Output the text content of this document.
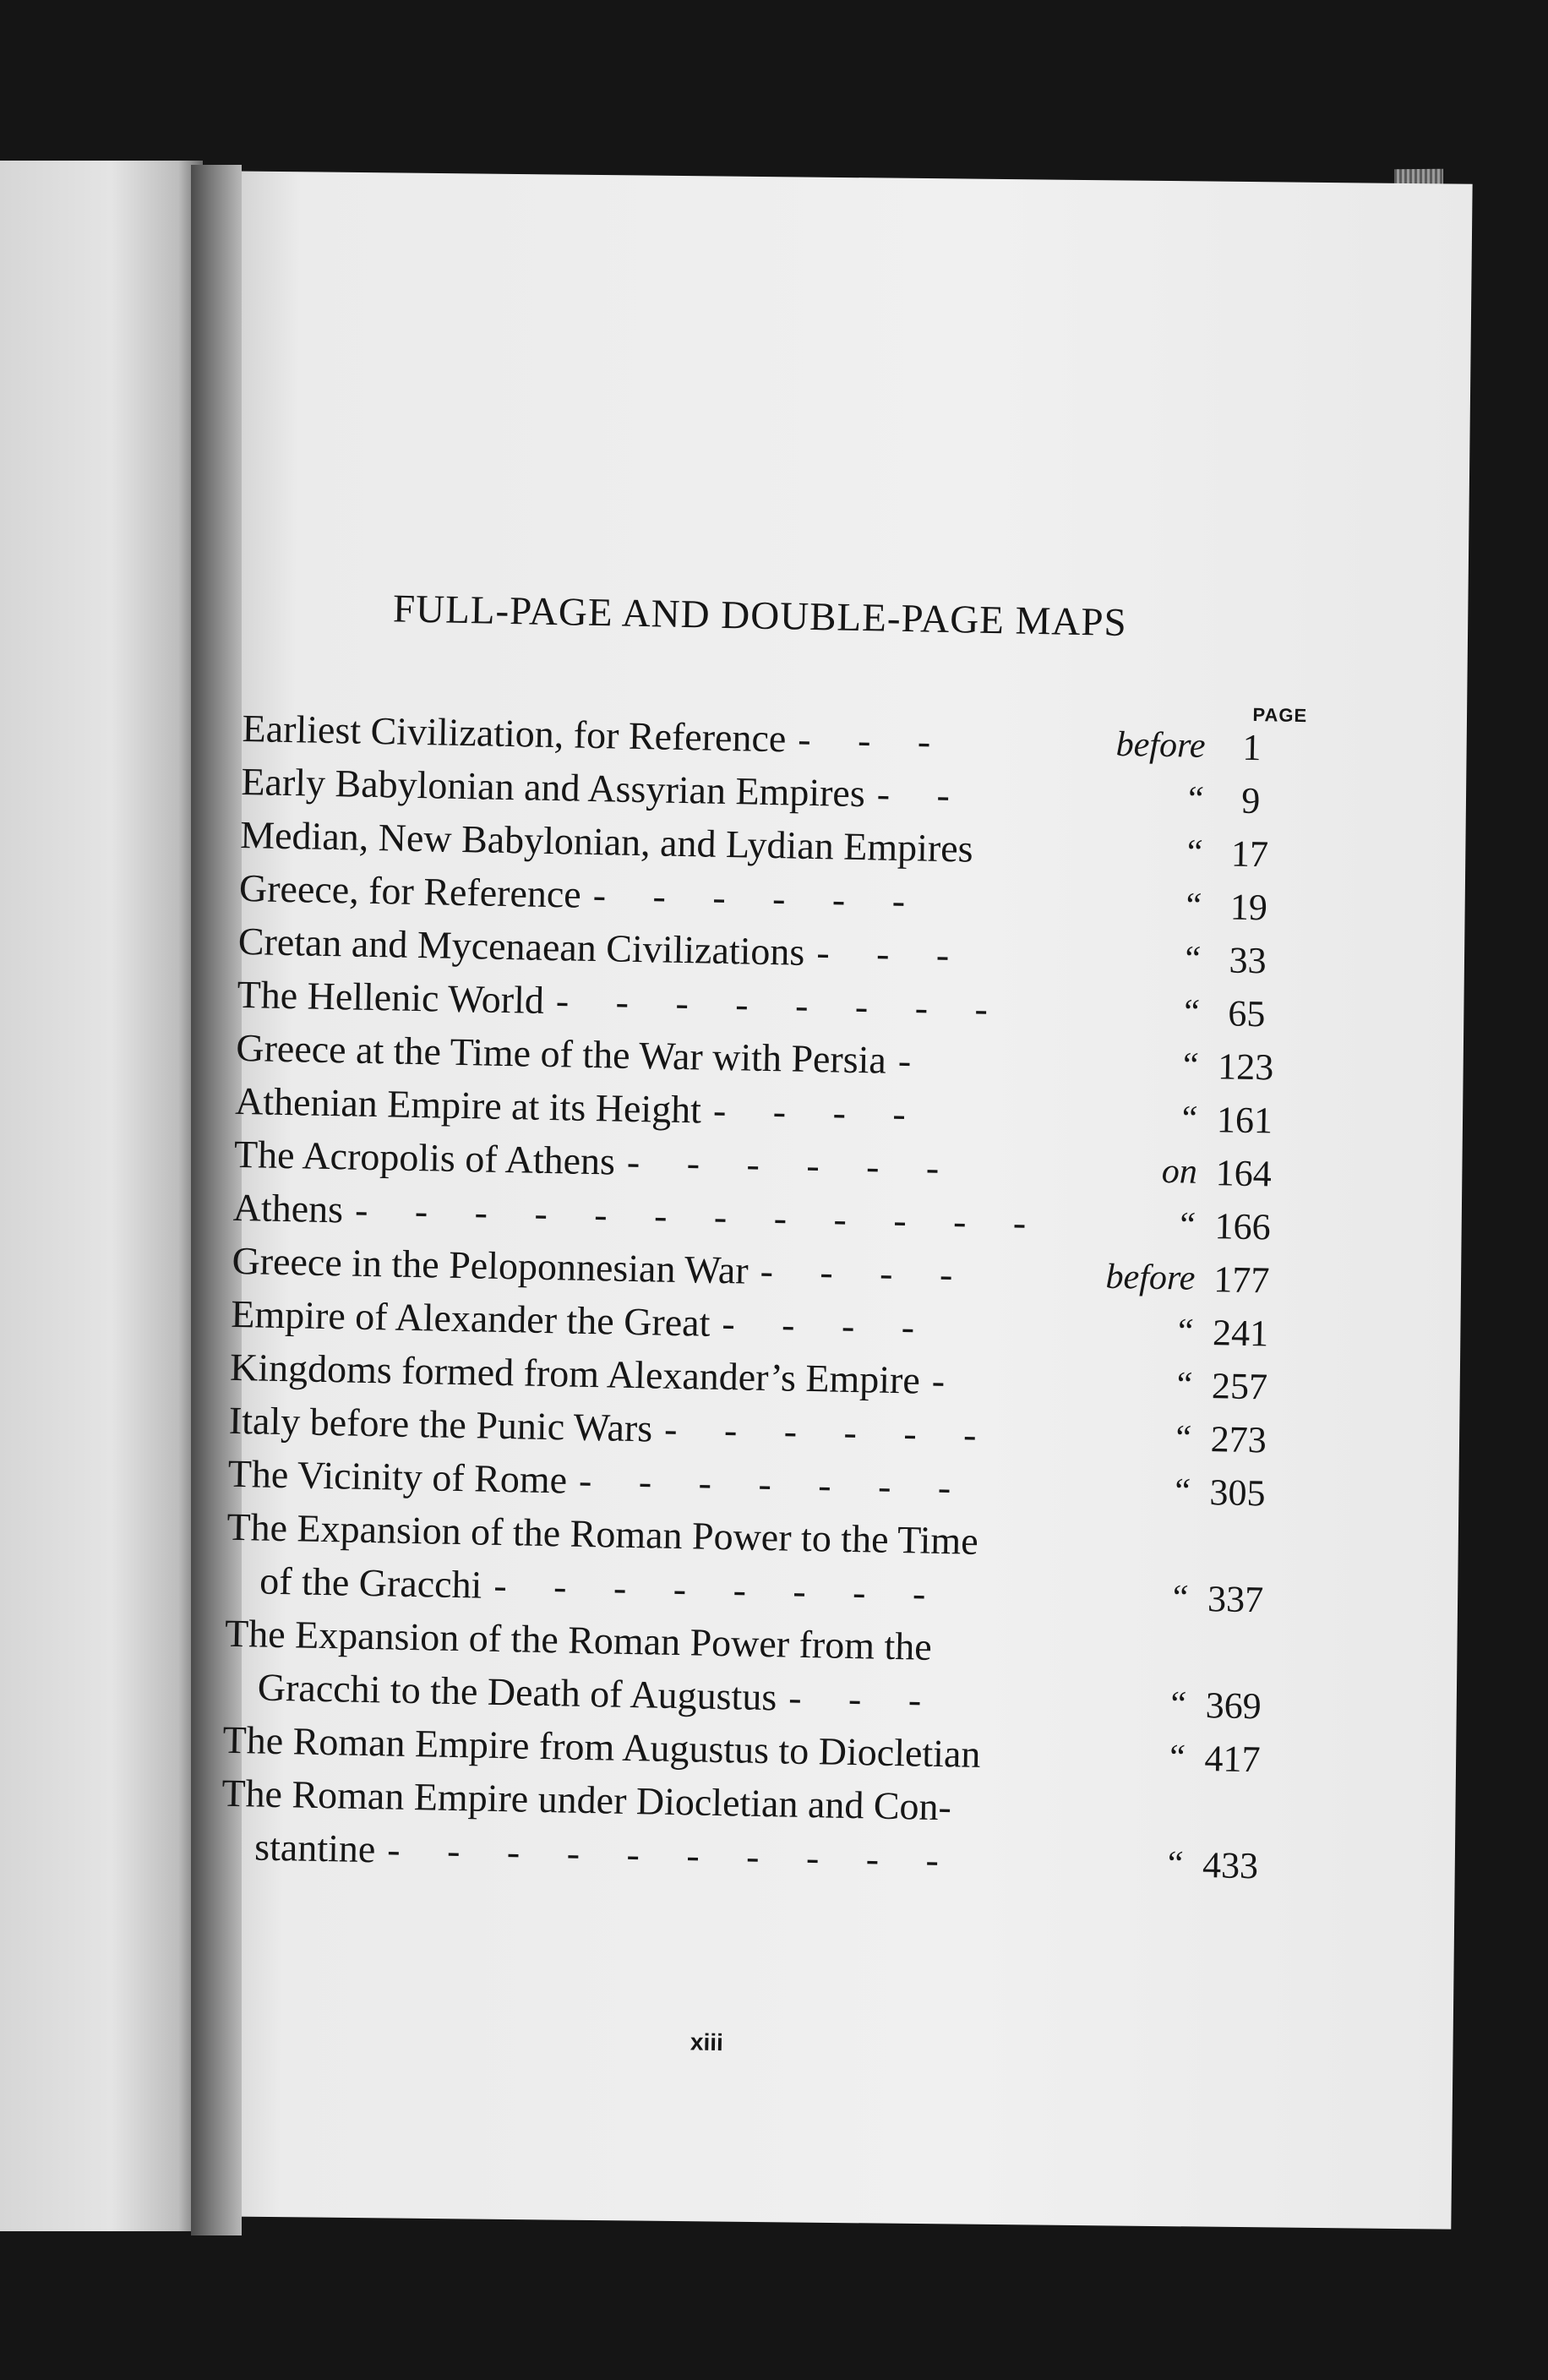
FULL-PAGE AND DOUBLE-PAGE MAPS
PAGE
Earliest Civilization, for Reference - - -	before 1
Early Babylonian and Assyrian Empires - -	“ 9
Median, New Babylonian, and Lydian Empires	“ 17
Greece, for Reference - - - - - -	“ 19
Cretan and Mycenaean Civilizations - - -	“ 33
The Hellenic World - - - - - - - -	“ 65
Greece at the Time of the War with Persia -	“ 123
Athenian Empire at its Height - - - -	“ 161
The Acropolis of Athens - - - - - -	on 164
Athens - - - - - - - - - - - -	“ 166
Greece in the Peloponnesian War - - - -	before 177
Empire of Alexander the Great - - - -	“ 241
Kingdoms formed from Alexander’s Empire -	“ 257
Italy before the Punic Wars - - - - - -	“ 273
The Vicinity of Rome - - - - - - -	“ 305
The Expansion of the Roman Power to the Time
of the Gracchi - - - - - - - -	“ 337
The Expansion of the Roman Power from the
Gracchi to the Death of Augustus - - -	“ 369
The Roman Empire from Augustus to Diocletian	“ 417
The Roman Empire under Diocletian and Con-
stantine - - - - - - - - - -	“ 433
xiii
